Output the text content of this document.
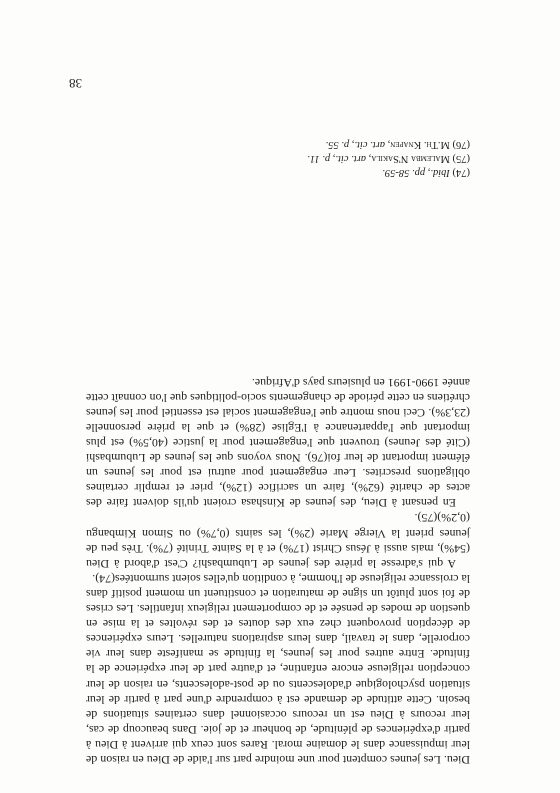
38

Dieu. Les jeunes comptent pour une moindre part sur l'aide de Dieu en raison de leur impuissance dans le domaine moral. Rares sont ceux qui arrivent à Dieu à partir d'expériences de plénitude, de bonheur et de joie. Dans beaucoup de cas, leur recours à Dieu est un recours occasionnel dans certaines situations de besoin. Cette attitude de demande est à comprendre d'une part à partir de leur situation psychologique d'adolescents ou de post-adolescents, en raison de leur conception religieuse encore enfantine, et d'autre part de leur expérience de la finitude. Entre autres pour les jeunes, la finitude se manifeste dans leur vie corporelle, dans le travail, dans leurs aspirations naturelles. Leurs expériences de déception provoquent chez eux des doutes et des révoltes et la mise en question de modes de pensée et de comportement religieux infantiles. Les crises de foi sont plutôt un signe de maturation et constituent un moment positif dans la croissance religieuse de l'homme, à condition qu'elles soient surmontées(74).

A qui s'adresse la prière des jeunes de Lubumbashi? C'est d'abord à Dieu (54%), mais aussi à Jésus Christ (17%) et à la Sainte Trinité (7%). Très peu de jeunes prient la Vierge Marie (2%), les saints (0,7%) ou Simon Kimbangu (0,2%)(75).

En pensant à Dieu, des jeunes de Kinshasa croient qu'ils doivent faire des actes de charité (62%), faire un sacrifice (12%), prier et remplir certaines obligations prescrites. Leur engagement pour autrui est pour les jeunes un élément important de leur foi(76). Nous voyons que les jeunes de Lubumbashi (Cité des Jeunes) trouvent que l'engagement pour la justice (40,5%) est plus important que l'appartenance à l'Eglise (28%) et que la prière personnelle (23,3%). Ceci nous montre que l'engagement social est essentiel pour les jeunes chrétiens en cette période de changements socio-politiques que l'on connaît cette année 1990-1991 en plusieurs pays d'Afrique.

(74) Ibid., pp. 58-59.
(75) Malemba N'Sakila, art. cit., p. 11.
(76) M.Th. Knapen, art. cit., p. 55.
